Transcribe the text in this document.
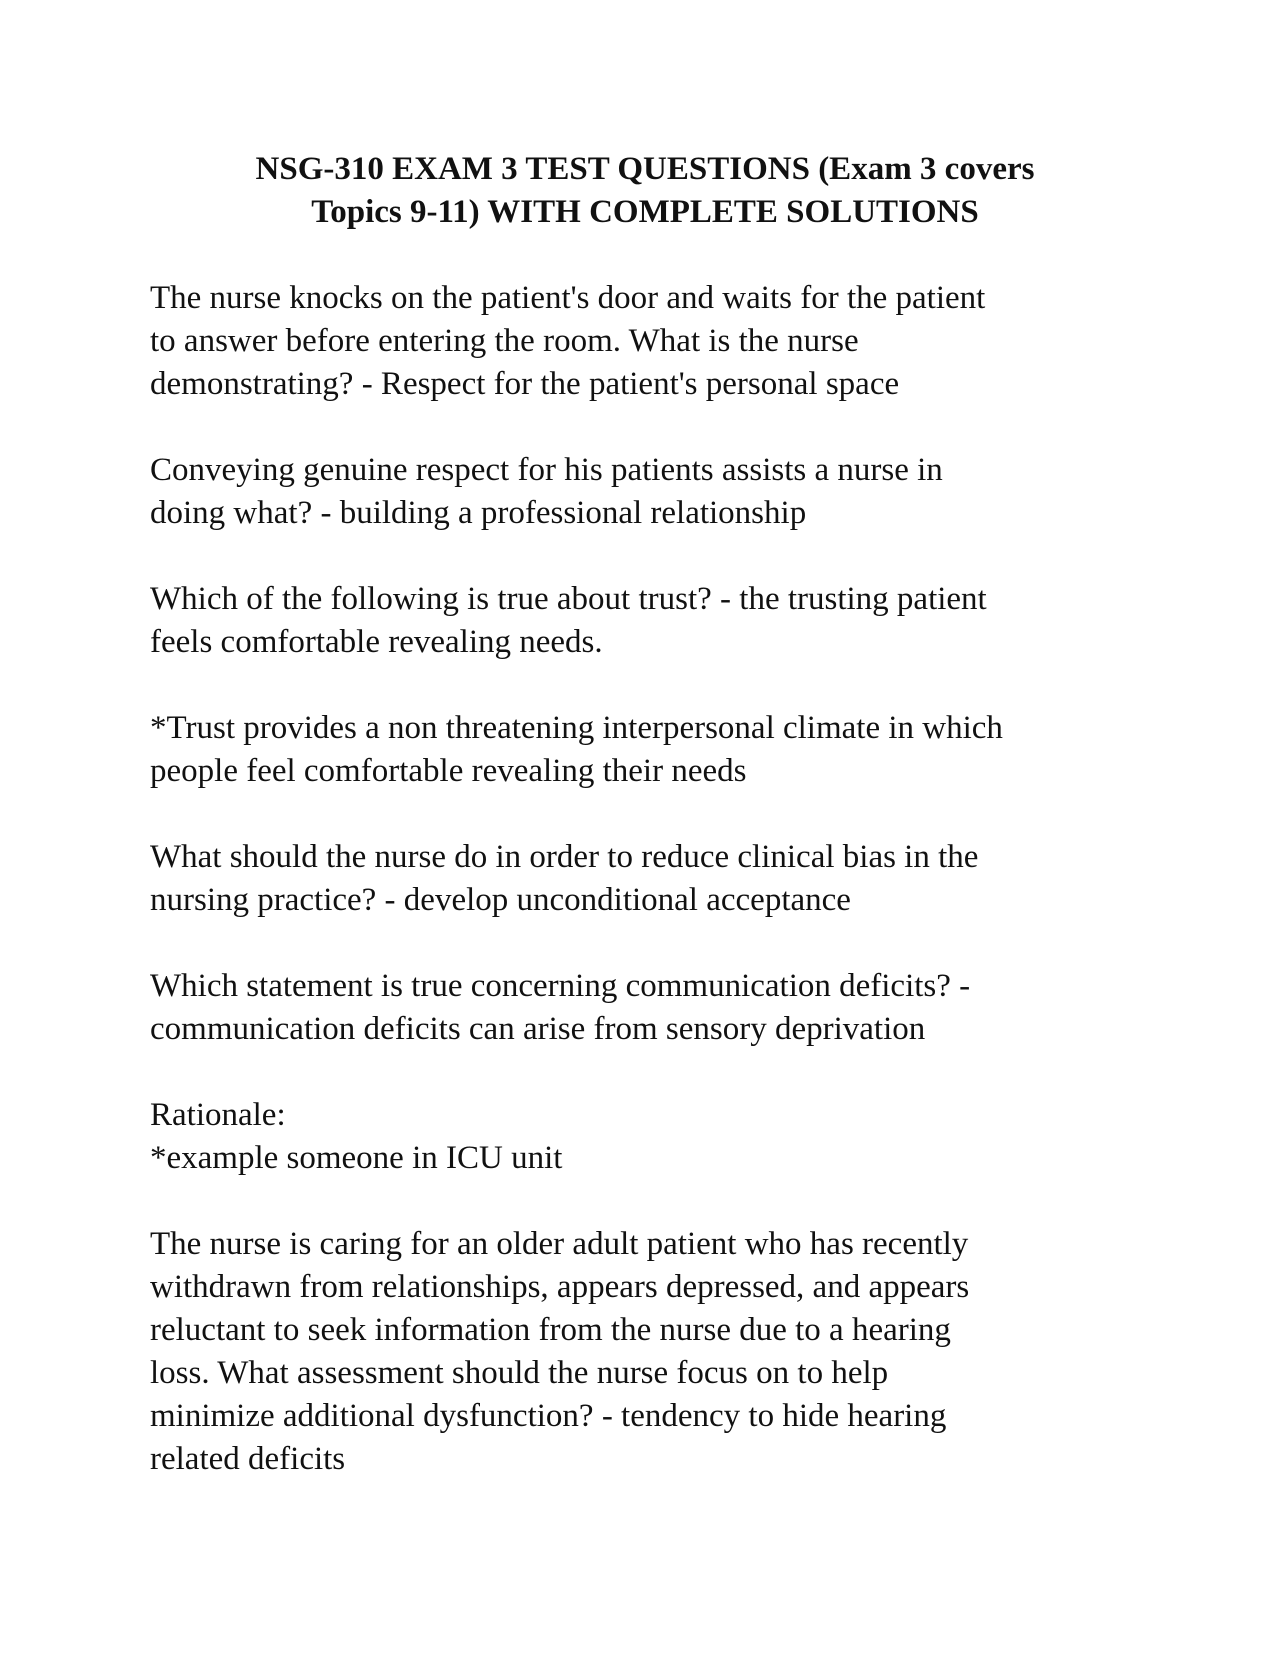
NSG-310 EXAM 3 TEST QUESTIONS (Exam 3 covers
Topics 9-11) WITH COMPLETE SOLUTIONS
The nurse knocks on the patient's door and waits for the patient
to answer before entering the room. What is the nurse
demonstrating? - Respect for the patient's personal space
Conveying genuine respect for his patients assists a nurse in
doing what? - building a professional relationship
Which of the following is true about trust? - the trusting patient
feels comfortable revealing needs.
*Trust provides a non threatening interpersonal climate in which
people feel comfortable revealing their needs
What should the nurse do in order to reduce clinical bias in the
nursing practice? - develop unconditional acceptance
Which statement is true concerning communication deficits? -
communication deficits can arise from sensory deprivation
Rationale:
*example someone in ICU unit
The nurse is caring for an older adult patient who has recently
withdrawn from relationships, appears depressed, and appears
reluctant to seek information from the nurse due to a hearing
loss. What assessment should the nurse focus on to help
minimize additional dysfunction? - tendency to hide hearing
related deficits
